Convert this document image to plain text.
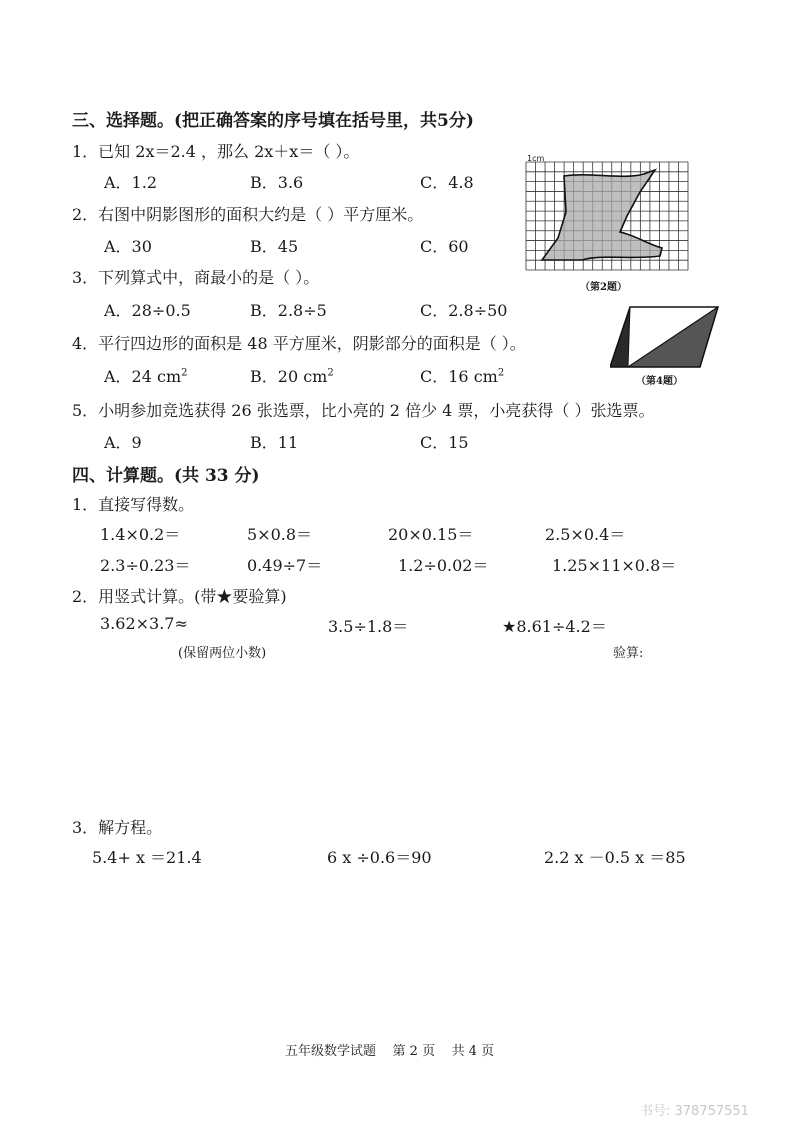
三、选择题。(把正确答案的序号填在括号里，共5分)
1．已知 2x＝2.4 ，那么 2x＋x＝（ ）。
A．1.2	B．3.6	C．4.8
2．右图中阴影图形的面积大约是（ ）平方厘米。
A．30	B．45	C．60
1cm
（第2题）
3．下列算式中，商最小的是（ ）。
A．28÷0.5	B．2.8÷5	C．2.8÷50
4．平行四边形的面积是 48 平方厘米，阴影部分的面积是（ ）。
A．24 $cm^2$	B．20 $cm^2$	C．16 $cm^2$
（第4题）
5．小明参加竞选获得 26 张选票，比小亮的 2 倍少 4 票，小亮获得（ ）张选票。
A．9	B．11	C．15
四、计算题。(共 33 分)
1．直接写得数。
1.4×0.2＝	5×0.8＝	20×0.15＝	2.5×0.4＝
2.3÷0.23＝	0.49÷7＝	1.2÷0.02＝	1.25×11×0.8＝
2．用竖式计算。(带★要验算)
3.62×3.7≈	3.5÷1.8＝	★8.61÷4.2＝
(保留两位小数)	验算:
3．解方程。
5.4+ x ＝21.4	6 x ÷0.6＝90	2.2 x －0.5 x ＝85
五年级数学试题    第 2 页    共 4 页
书号: 378757551
